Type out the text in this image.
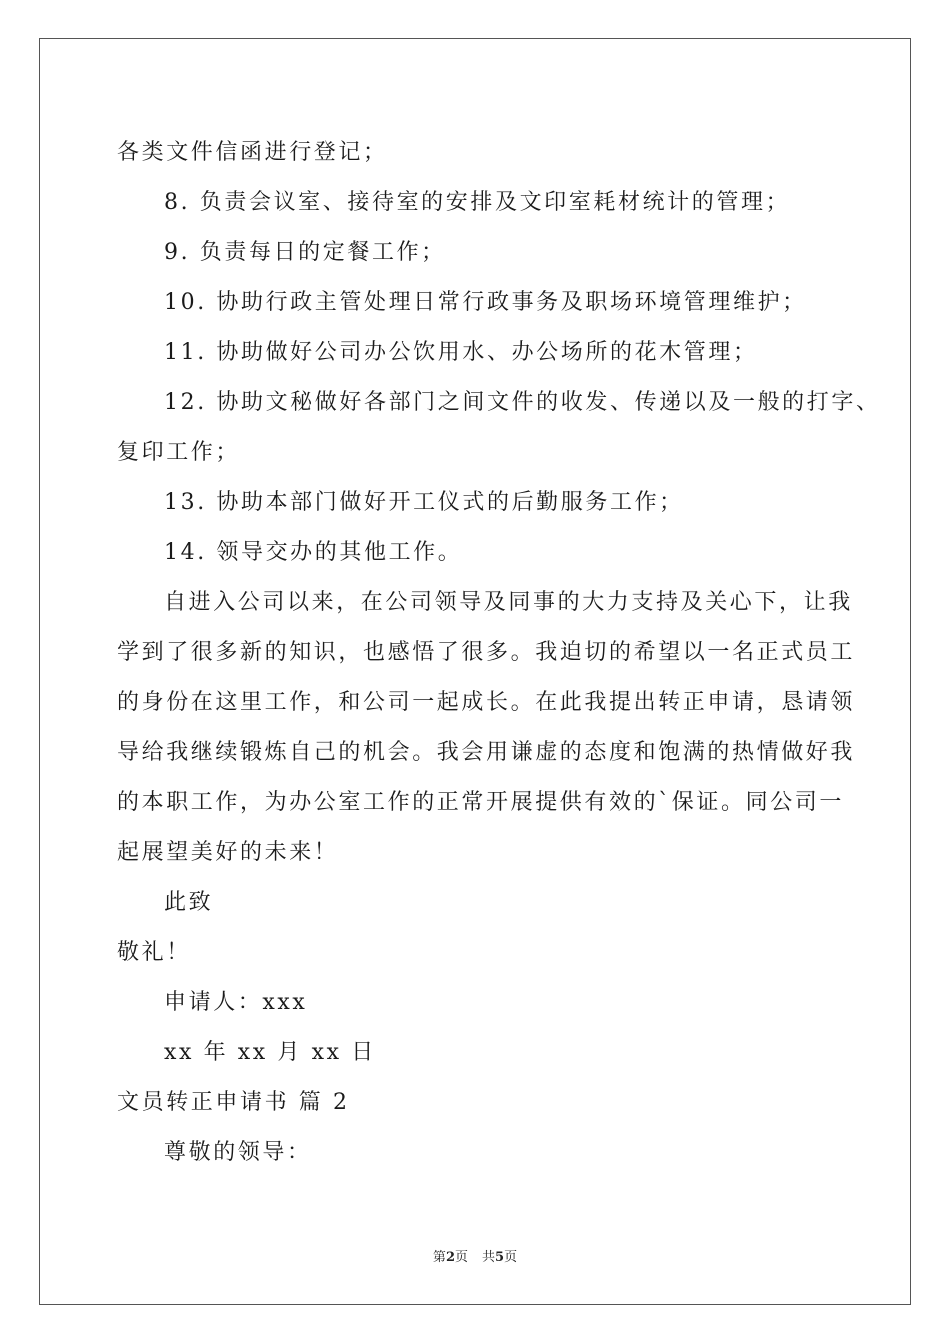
各类文件信函进行登记；
8. 负责会议室、接待室的安排及文印室耗材统计的管理；
9. 负责每日的定餐工作；
10. 协助行政主管处理日常行政事务及职场环境管理维护；
11. 协助做好公司办公饮用水、办公场所的花木管理；
12. 协助文秘做好各部门之间文件的收发、传递以及一般的打字、
复印工作；
13. 协助本部门做好开工仪式的后勤服务工作；
14. 领导交办的其他工作。
自进入公司以来，在公司领导及同事的大力支持及关心下，让我
学到了很多新的知识，也感悟了很多。我迫切的希望以一名正式员工
的身份在这里工作，和公司一起成长。在此我提出转正申请，恳请领
导给我继续锻炼自己的机会。我会用谦虚的态度和饱满的热情做好我
的本职工作，为办公室工作的正常开展提供有效的`保证。同公司一
起展望美好的未来！
此致
敬礼！
申请人：xxx
xx 年 xx 月 xx 日
文员转正申请书 篇 2
尊敬的领导：
第2页 共5页
